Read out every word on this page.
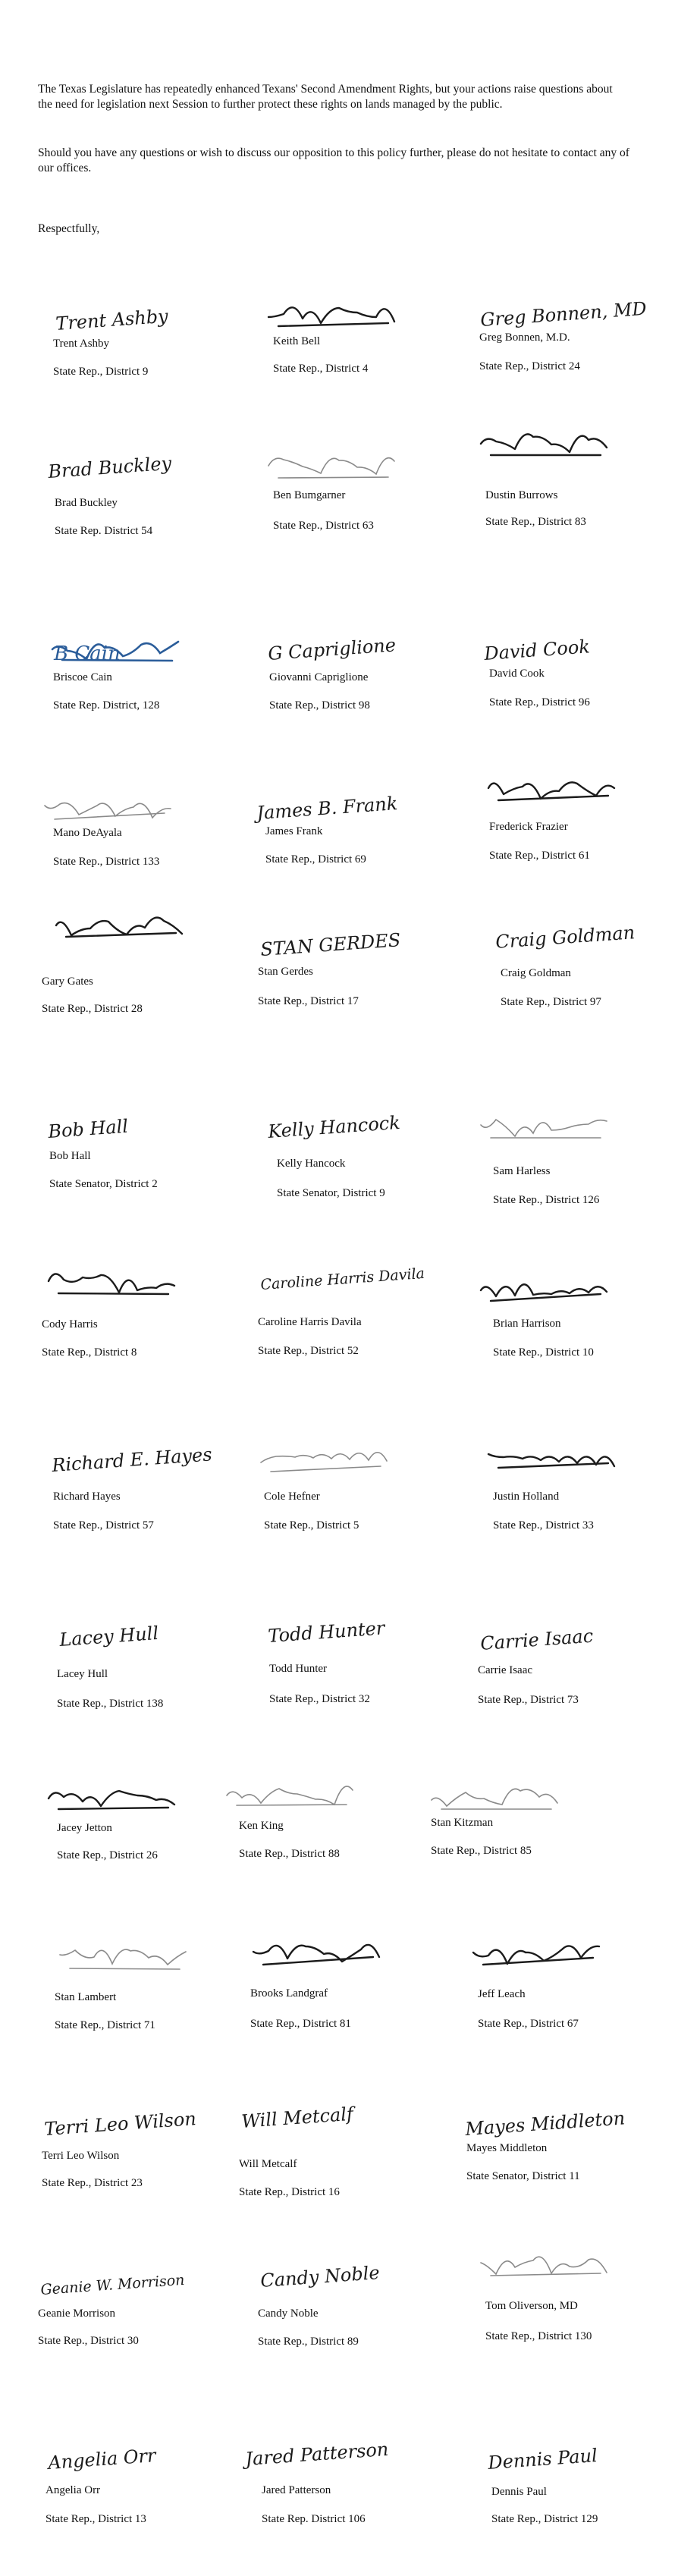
The Texas Legislature has repeatedly enhanced Texans' Second Amendment Rights, but your actions raise questions about the need for legislation next Session to further protect these rights on lands managed by the public.

Should you have any questions or wish to discuss our opposition to this policy further, please do not hesitate to contact any of our offices.

Respectfully,

Trent Ashby
Trent Ashby
State Rep., District 9
Keith Bell
State Rep., District 4
Greg Bonnen, MD
Greg Bonnen, M.D.
State Rep., District 24
Brad Buckley
Brad Buckley
State Rep. District 54
Ben Bumgarner
State Rep., District 63
Dustin Burrows
State Rep., District 83
B Cain
Briscoe Cain
State Rep. District, 128
G Capriglione
Giovanni Capriglione
State Rep., District 98
David Cook
David Cook
State Rep., District 96
Mano DeAyala
State Rep., District 133
James B. Frank
James Frank
State Rep., District 69
Frederick Frazier
State Rep., District 61
Gary Gates
State Rep., District 28
STAN GERDES
Stan Gerdes
State Rep., District 17
Craig Goldman
Craig Goldman
State Rep., District 97
Bob Hall
Bob Hall
State Senator, District 2
Kelly Hancock
Kelly Hancock
State Senator, District 9
Sam Harless
State Rep., District 126
Cody Harris
State Rep., District 8
Caroline Harris Davila
Caroline Harris Davila
State Rep., District 52
Brian Harrison
State Rep., District 10
Richard E. Hayes
Richard Hayes
State Rep., District 57
Cole Hefner
State Rep., District 5
Justin Holland
State Rep., District 33
Lacey Hull
Lacey Hull
State Rep., District 138
Todd Hunter
Todd Hunter
State Rep., District 32
Carrie Isaac
Carrie Isaac
State Rep., District 73
Jacey Jetton
State Rep., District 26
Ken King
State Rep., District 88
Stan Kitzman
State Rep., District 85
Stan Lambert
State Rep., District 71
Brooks Landgraf
State Rep., District 81
Jeff Leach
State Rep., District 67
Terri Leo Wilson
Terri Leo Wilson
State Rep., District 23
Will Metcalf
Will Metcalf
State Rep., District 16
Mayes Middleton
Mayes Middleton
State Senator, District 11
Geanie W. Morrison
Geanie Morrison
State Rep., District 30
Candy Noble
Candy Noble
State Rep., District 89
Tom Oliverson, MD
State Rep., District 130
Angelia Orr
Angelia Orr
State Rep., District 13
Jared Patterson
Jared Patterson
State Rep. District 106
Dennis Paul
Dennis Paul
State Rep., District 129
